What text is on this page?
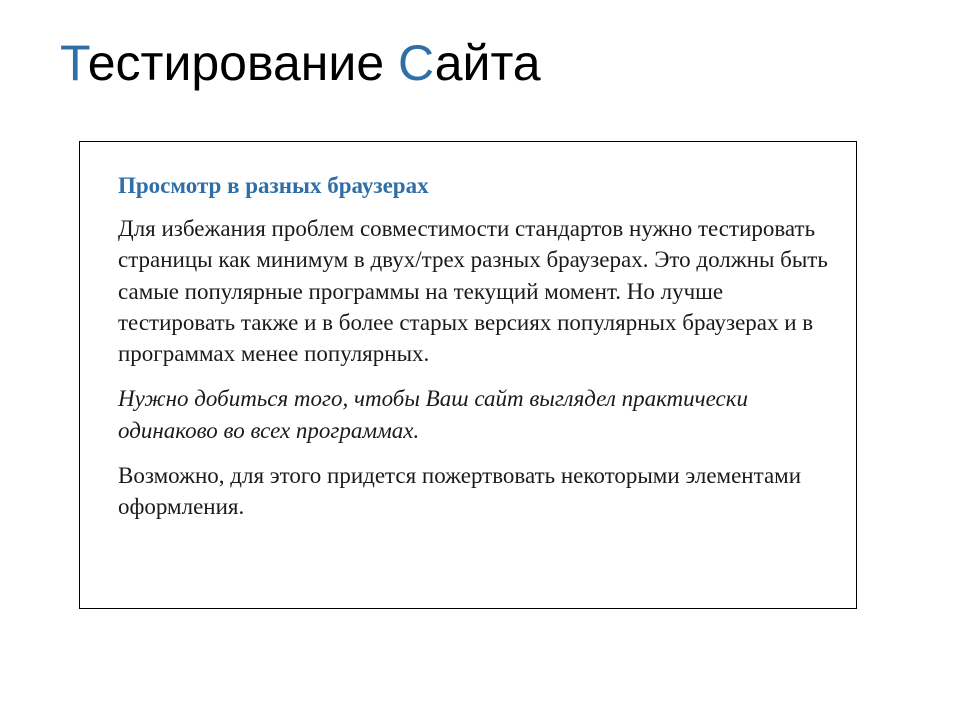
Тестирование Сайта

Просмотр в разных браузерах

Для избежания проблем совместимости стандартов нужно тестировать страницы как минимум в двух/трех разных браузерах. Это должны быть самые популярные программы на текущий момент. Но лучше тестировать также и в более старых версиях популярных браузерах и в программах менее популярных.

Нужно добиться того, чтобы Ваш сайт выглядел практически одинаково во всех программах.

Возможно, для этого придется пожертвовать некоторыми элементами оформления.
